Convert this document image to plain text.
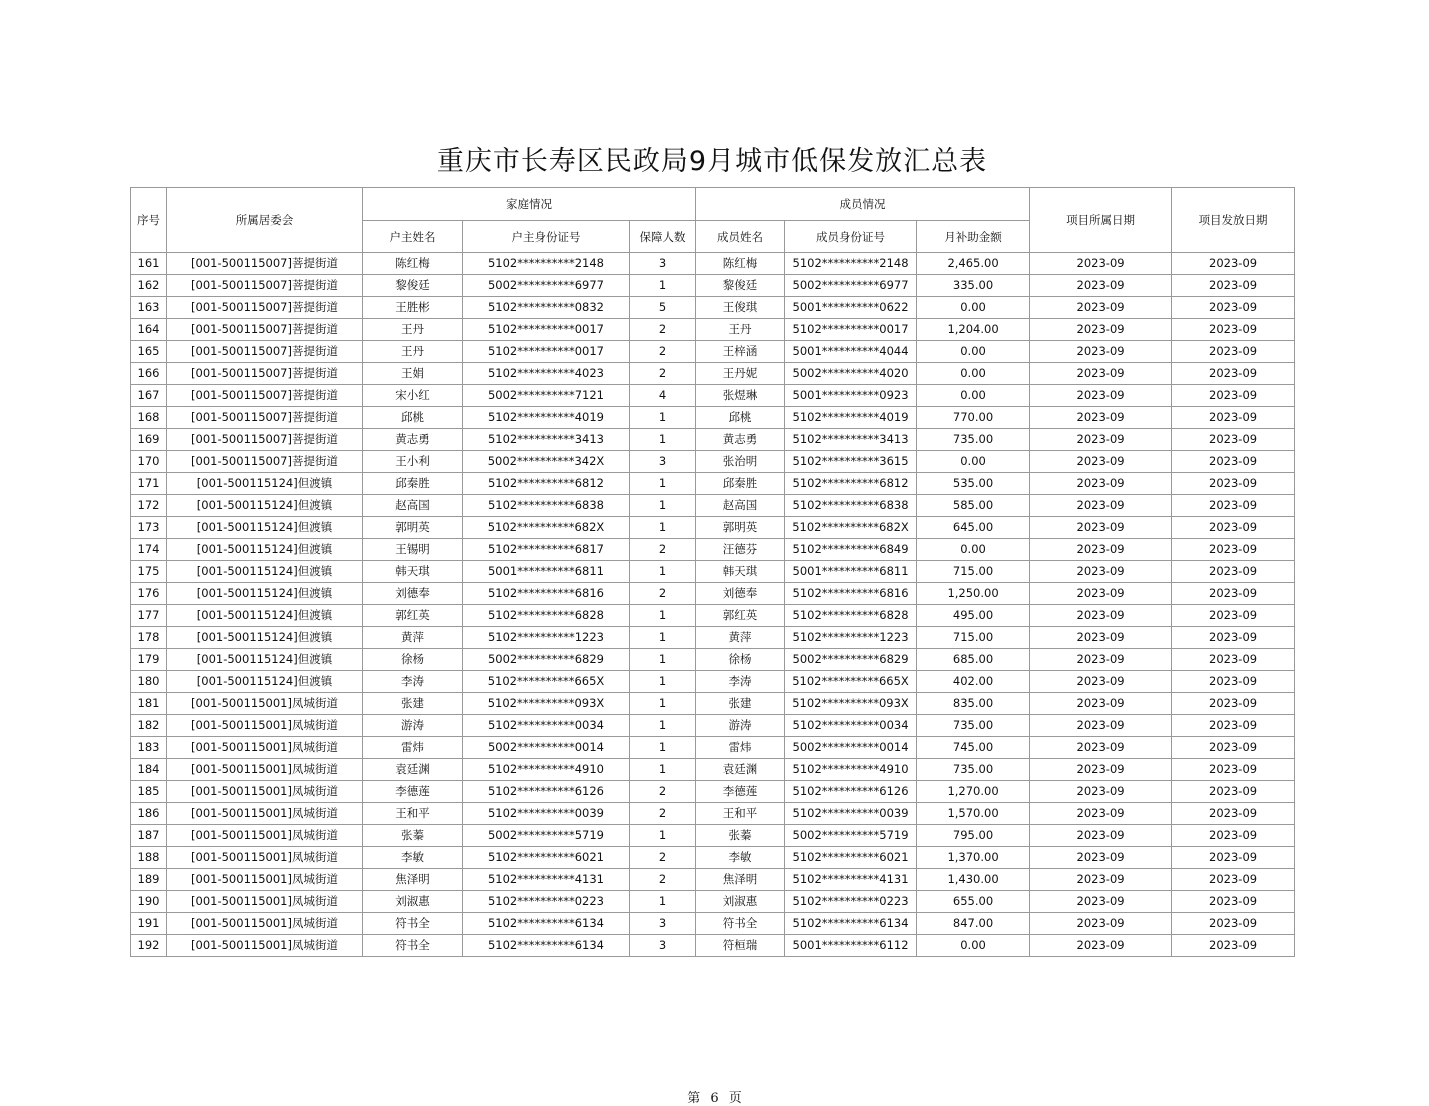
重庆市长寿区民政局9月城市低保发放汇总表
序号	所属居委会	家庭情况			成员情况			项目所属日期	项目发放日期
		户主姓名	户主身份证号	保障人数	成员姓名	成员身份证号	月补助金额		
161	[001-500115007]菩提街道	陈红梅	5102**********2148	3	陈红梅	5102**********2148	2,465.00	2023-09	2023-09
162	[001-500115007]菩提街道	黎俊廷	5002**********6977	1	黎俊廷	5002**********6977	335.00	2023-09	2023-09
163	[001-500115007]菩提街道	王胜彬	5102**********0832	5	王俊琪	5001**********0622	0.00	2023-09	2023-09
164	[001-500115007]菩提街道	王丹	5102**********0017	2	王丹	5102**********0017	1,204.00	2023-09	2023-09
165	[001-500115007]菩提街道	王丹	5102**********0017	2	王梓涵	5001**********4044	0.00	2023-09	2023-09
166	[001-500115007]菩提街道	王娟	5102**********4023	2	王丹妮	5002**********4020	0.00	2023-09	2023-09
167	[001-500115007]菩提街道	宋小红	5002**********7121	4	张煜琳	5001**********0923	0.00	2023-09	2023-09
168	[001-500115007]菩提街道	邱桃	5102**********4019	1	邱桃	5102**********4019	770.00	2023-09	2023-09
169	[001-500115007]菩提街道	黄志勇	5102**********3413	1	黄志勇	5102**********3413	735.00	2023-09	2023-09
170	[001-500115007]菩提街道	王小利	5002**********342X	3	张治明	5102**********3615	0.00	2023-09	2023-09
171	[001-500115124]但渡镇	邱秦胜	5102**********6812	1	邱秦胜	5102**********6812	535.00	2023-09	2023-09
172	[001-500115124]但渡镇	赵高国	5102**********6838	1	赵高国	5102**********6838	585.00	2023-09	2023-09
173	[001-500115124]但渡镇	郭明英	5102**********682X	1	郭明英	5102**********682X	645.00	2023-09	2023-09
174	[001-500115124]但渡镇	王锡明	5102**********6817	2	汪德芬	5102**********6849	0.00	2023-09	2023-09
175	[001-500115124]但渡镇	韩天琪	5001**********6811	1	韩天琪	5001**********6811	715.00	2023-09	2023-09
176	[001-500115124]但渡镇	刘德奉	5102**********6816	2	刘德奉	5102**********6816	1,250.00	2023-09	2023-09
177	[001-500115124]但渡镇	郭红英	5102**********6828	1	郭红英	5102**********6828	495.00	2023-09	2023-09
178	[001-500115124]但渡镇	黄萍	5102**********1223	1	黄萍	5102**********1223	715.00	2023-09	2023-09
179	[001-500115124]但渡镇	徐杨	5002**********6829	1	徐杨	5002**********6829	685.00	2023-09	2023-09
180	[001-500115124]但渡镇	李涛	5102**********665X	1	李涛	5102**********665X	402.00	2023-09	2023-09
181	[001-500115001]凤城街道	张建	5102**********093X	1	张建	5102**********093X	835.00	2023-09	2023-09
182	[001-500115001]凤城街道	游涛	5102**********0034	1	游涛	5102**********0034	735.00	2023-09	2023-09
183	[001-500115001]凤城街道	雷炜	5002**********0014	1	雷炜	5002**********0014	745.00	2023-09	2023-09
184	[001-500115001]凤城街道	袁廷渊	5102**********4910	1	袁廷渊	5102**********4910	735.00	2023-09	2023-09
185	[001-500115001]凤城街道	李德莲	5102**********6126	2	李德莲	5102**********6126	1,270.00	2023-09	2023-09
186	[001-500115001]凤城街道	王和平	5102**********0039	2	王和平	5102**********0039	1,570.00	2023-09	2023-09
187	[001-500115001]凤城街道	张蓁	5002**********5719	1	张蓁	5002**********5719	795.00	2023-09	2023-09
188	[001-500115001]凤城街道	李敏	5102**********6021	2	李敏	5102**********6021	1,370.00	2023-09	2023-09
189	[001-500115001]凤城街道	焦泽明	5102**********4131	2	焦泽明	5102**********4131	1,430.00	2023-09	2023-09
190	[001-500115001]凤城街道	刘淑惠	5102**********0223	1	刘淑惠	5102**********0223	655.00	2023-09	2023-09
191	[001-500115001]凤城街道	符书全	5102**********6134	3	符书全	5102**********6134	847.00	2023-09	2023-09
192	[001-500115001]凤城街道	符书全	5102**********6134	3	符桓瑞	5001**********6112	0.00	2023-09	2023-09
第 6 页
